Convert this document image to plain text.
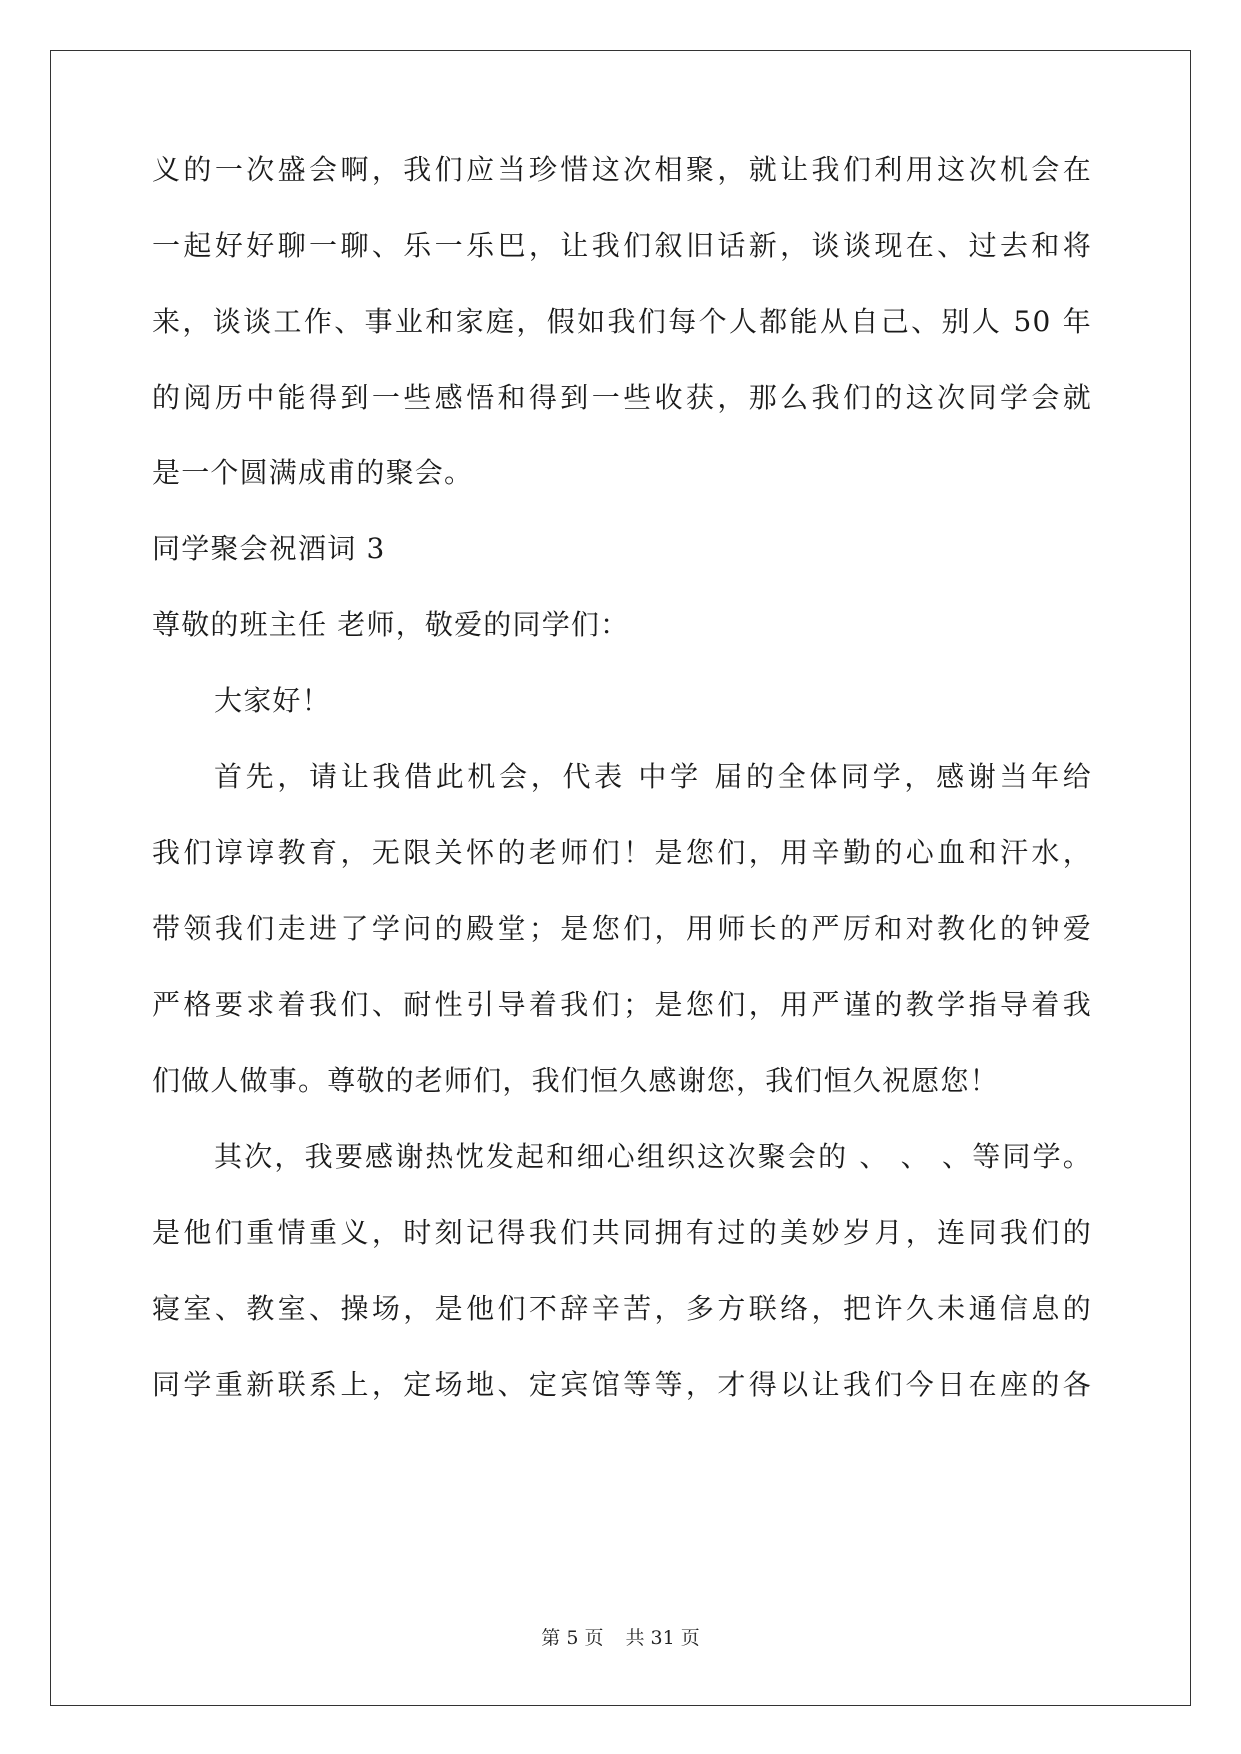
义的一次盛会啊，我们应当珍惜这次相聚，就让我们利用这次机会在
一起好好聊一聊、乐一乐巴，让我们叙旧话新，谈谈现在、过去和将
来，谈谈工作、事业和家庭，假如我们每个人都能从自己、别人 50 年
的阅历中能得到一些感悟和得到一些收获，那么我们的这次同学会就
是一个圆满成甫的聚会。
同学聚会祝酒词 3
尊敬的班主任 老师，敬爱的同学们：
大家好！
首先，请让我借此机会，代表 中学 届的全体同学，感谢当年给
我们谆谆教育，无限关怀的老师们！是您们，用辛勤的心血和汗水，
带领我们走进了学问的殿堂；是您们，用师长的严厉和对教化的钟爱
严格要求着我们、耐性引导着我们；是您们，用严谨的教学指导着我
们做人做事。尊敬的老师们，我们恒久感谢您，我们恒久祝愿您！
其次，我要感谢热忱发起和细心组织这次聚会的 、 、 、等同学。
是他们重情重义，时刻记得我们共同拥有过的美妙岁月，连同我们的
寝室、教室、操场，是他们不辞辛苦，多方联络，把许久未通信息的
同学重新联系上，定场地、定宾馆等等，才得以让我们今日在座的各
第 5 页 共 31 页
